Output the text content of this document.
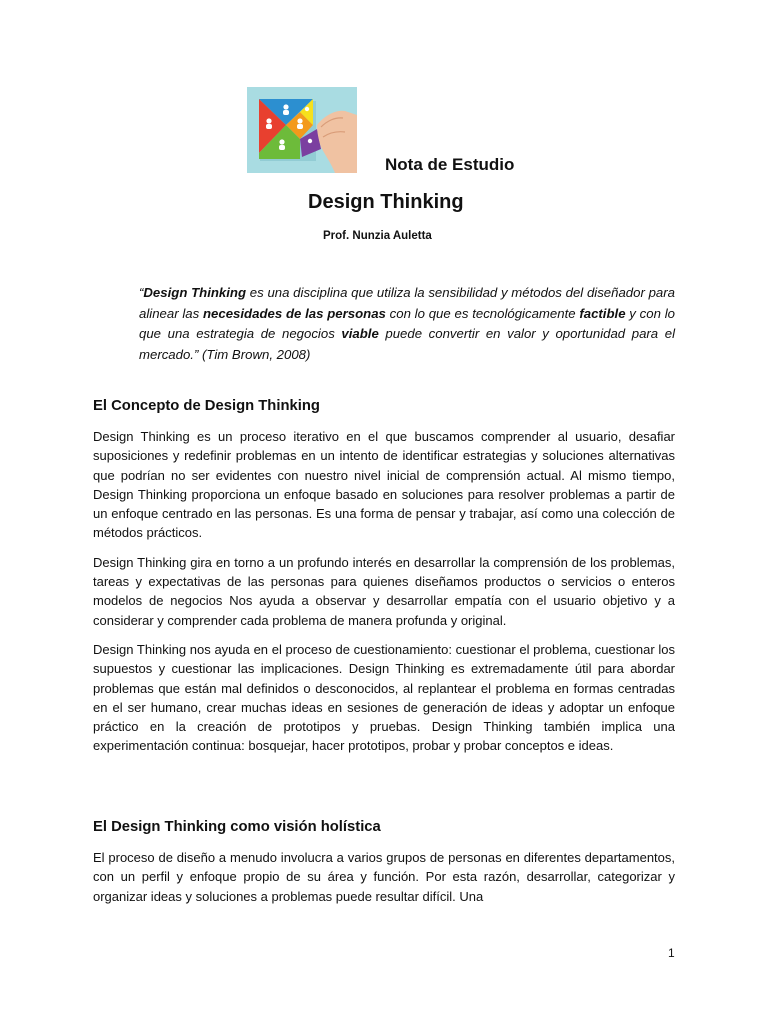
Nota de Estudio
Design Thinking
Prof. Nunzia Auletta
“Design Thinking es una disciplina que utiliza la sensibilidad y métodos del diseñador para alinear las necesidades de las personas con lo que es tecnológicamente factible y con lo que una estrategia de negocios viable puede convertir en valor y oportunidad para el mercado.” (Tim Brown, 2008)
El Concepto de Design Thinking

Design Thinking es un proceso iterativo en el que buscamos comprender al usuario, desafiar suposiciones y redefinir problemas en un intento de identificar estrategias y soluciones alternativas que podrían no ser evidentes con nuestro nivel inicial de comprensión actual. Al mismo tiempo, Design Thinking proporciona un enfoque basado en soluciones para resolver problemas a partir de un enfoque centrado en las personas. Es una forma de pensar y trabajar, así como una colección de métodos prácticos.

Design Thinking gira en torno a un profundo interés en desarrollar la comprensión de los problemas, tareas y expectativas de las personas para quienes diseñamos productos o servicios o enteros modelos de negocios Nos ayuda a observar y desarrollar empatía con el usuario objetivo y a considerar y comprender cada problema de manera profunda y original.

Design Thinking nos ayuda en el proceso de cuestionamiento: cuestionar el problema, cuestionar los supuestos y cuestionar las implicaciones. Design Thinking es extremadamente útil para abordar problemas que están mal definidos o desconocidos, al replantear el problema en formas centradas en el ser humano, crear muchas ideas en sesiones de generación de ideas y adoptar un enfoque práctico en la creación de prototipos y pruebas. Design Thinking también implica una experimentación continua: bosquejar, hacer prototipos, probar y probar conceptos e ideas.

El Design Thinking como visión holística

El proceso de diseño a menudo involucra a varios grupos de personas en diferentes departamentos, con un perfil y enfoque propio de su área y función. Por esta razón, desarrollar, categorizar y organizar ideas y soluciones a problemas puede resultar difícil. Una

1
